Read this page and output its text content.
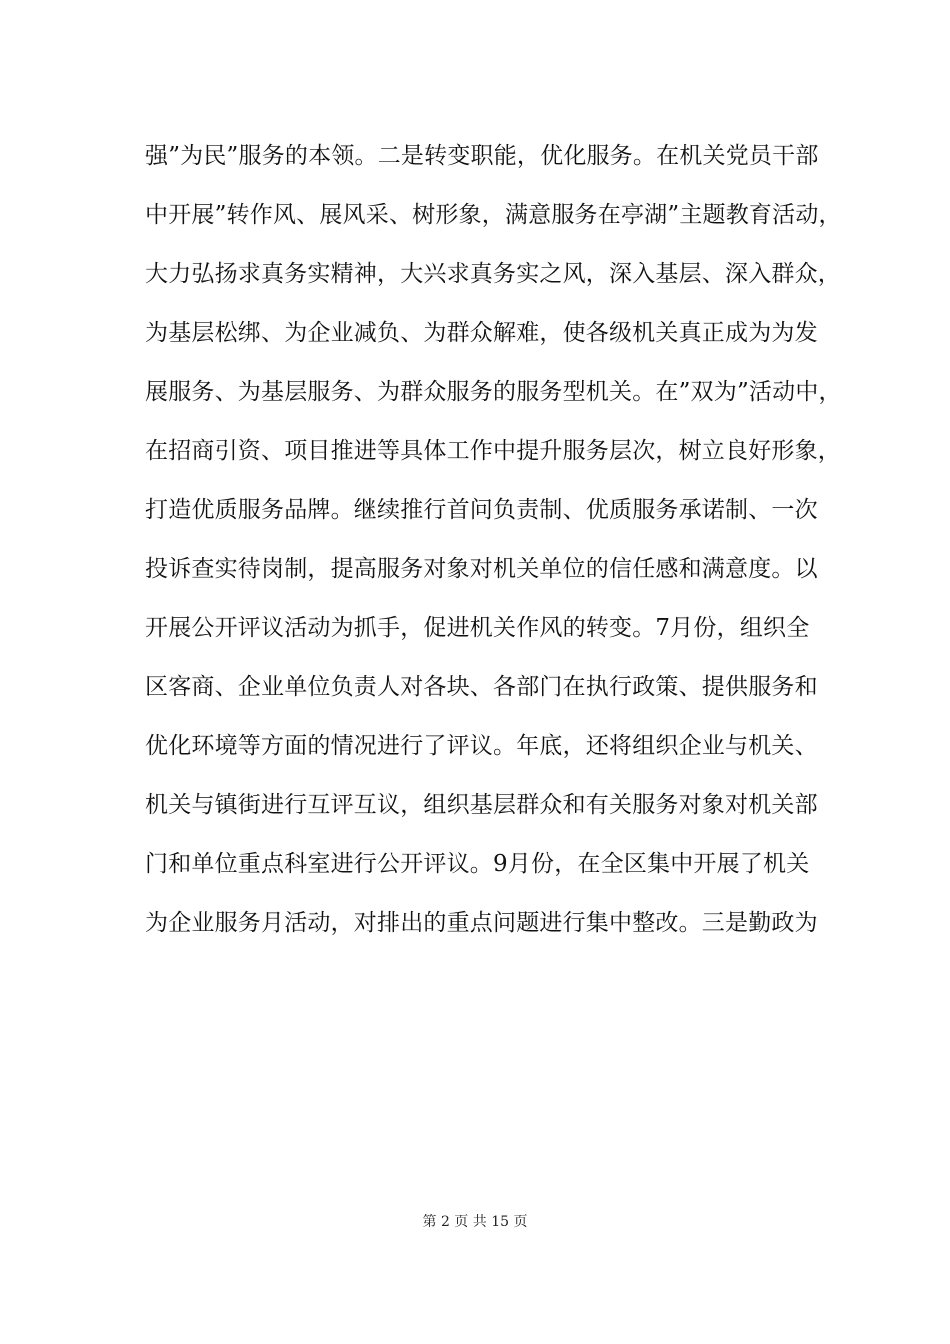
强”为民”服务的本领。二是转变职能，优化服务。在机关党员干部
中开展”转作风、展风采、树形象，满意服务在亭湖”主题教育活动，
大力弘扬求真务实精神，大兴求真务实之风，深入基层、深入群众，
为基层松绑、为企业减负、为群众解难，使各级机关真正成为为发
展服务、为基层服务、为群众服务的服务型机关。在”双为”活动中，
在招商引资、项目推进等具体工作中提升服务层次，树立良好形象，
打造优质服务品牌。继续推行首问负责制、优质服务承诺制、一次
投诉查实待岗制，提高服务对象对机关单位的信任感和满意度。以
开展公开评议活动为抓手，促进机关作风的转变。7月份，组织全
区客商、企业单位负责人对各块、各部门在执行政策、提供服务和
优化环境等方面的情况进行了评议。年底，还将组织企业与机关、
机关与镇街进行互评互议，组织基层群众和有关服务对象对机关部
门和单位重点科室进行公开评议。9月份，在全区集中开展了机关
为企业服务月活动，对排出的重点问题进行集中整改。三是勤政为
第 2 页 共 15 页
